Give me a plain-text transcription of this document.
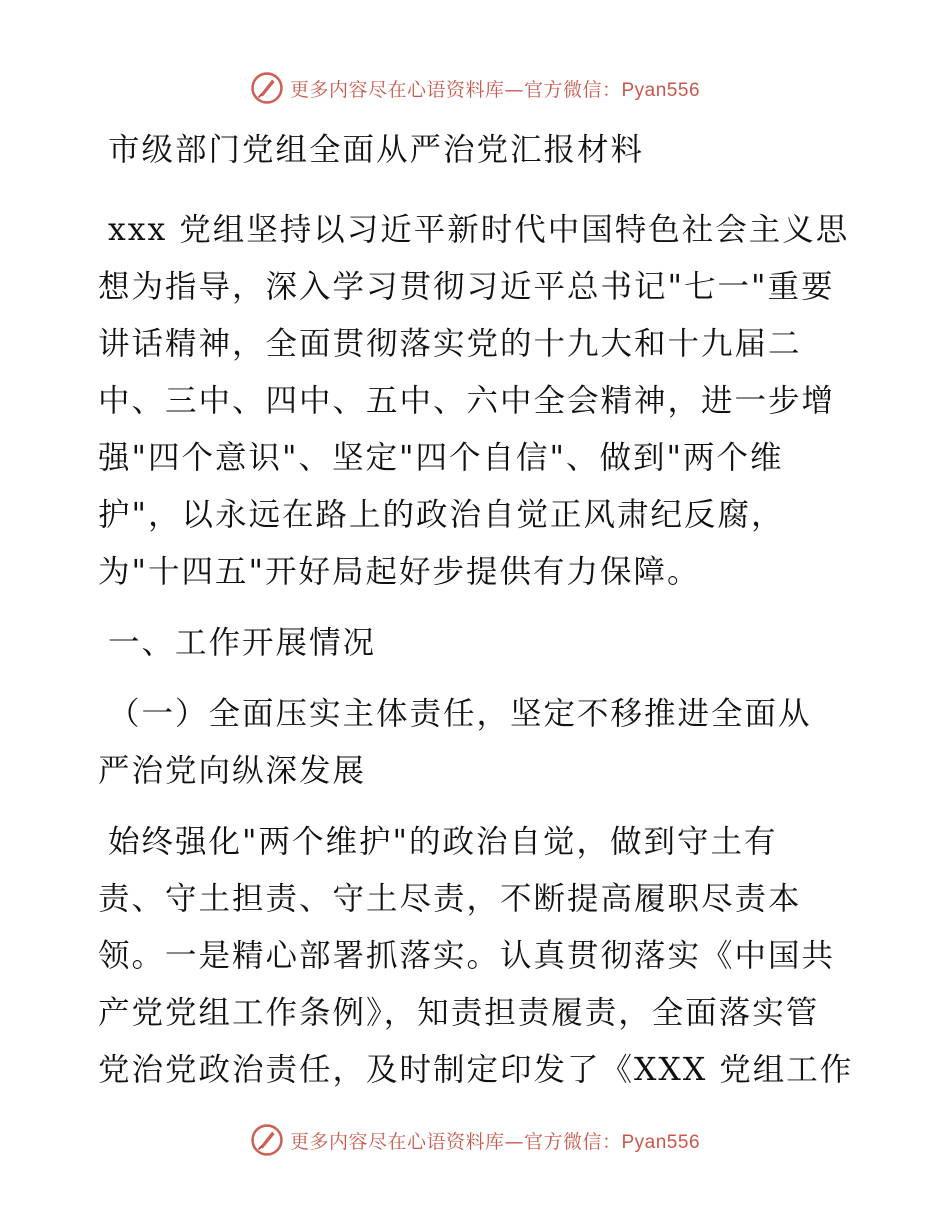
更多内容尽在心语资料库—官方微信：Pyan556

市级部门党组全面从严治党汇报材料

xxx 党组坚持以习近平新时代中国特色社会主义思
想为指导，深入学习贯彻习近平总书记"七一"重要
讲话精神，全面贯彻落实党的十九大和十九届二
中、三中、四中、五中、六中全会精神，进一步增
强"四个意识"、坚定"四个自信"、做到"两个维
护"，以永远在路上的政治自觉正风肃纪反腐，
为"十四五"开好局起好步提供有力保障。

一、工作开展情况

（一）全面压实主体责任，坚定不移推进全面从
严治党向纵深发展

始终强化"两个维护"的政治自觉，做到守土有
责、守土担责、守土尽责，不断提高履职尽责本
领。一是精心部署抓落实。认真贯彻落实《中国共
产党党组工作条例》，知责担责履责，全面落实管
党治党政治责任，及时制定印发了《XXX 党组工作

更多内容尽在心语资料库—官方微信：Pyan556
